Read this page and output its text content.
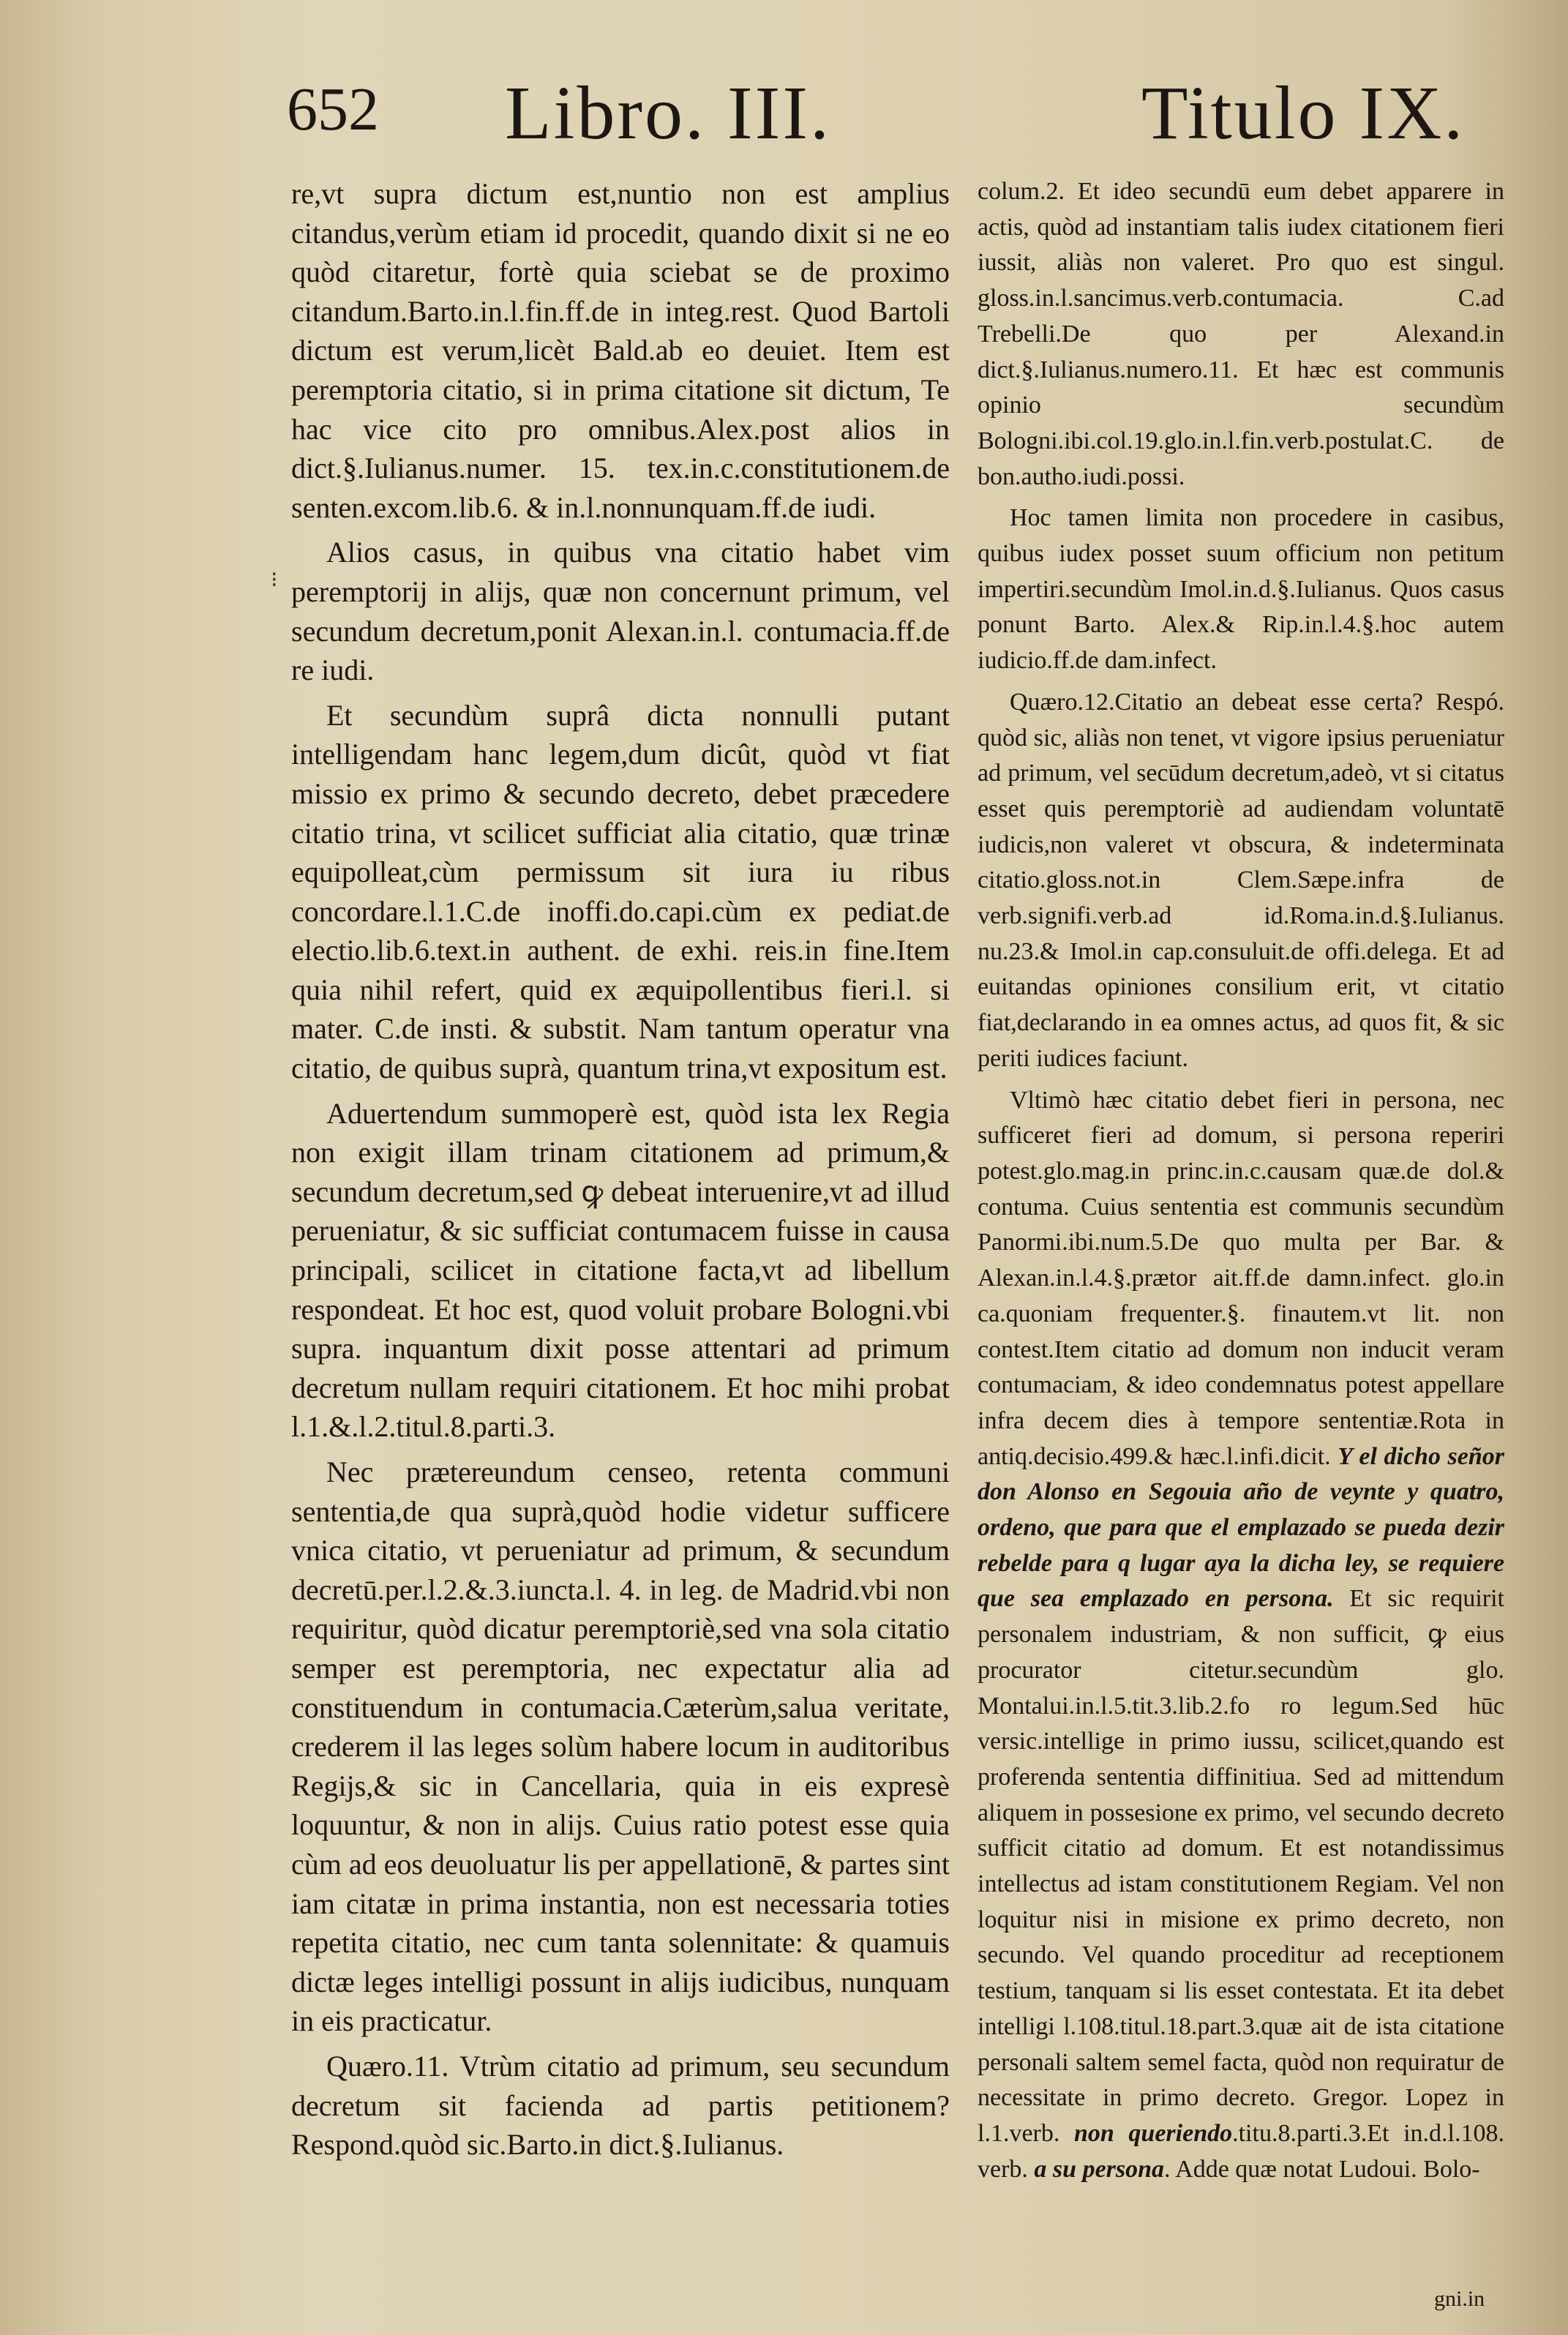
652 Libro. III.	Titulo IX.
⁝

re,vt supra dictum est,nuntio non est amplius citandus,verùm etiam id procedit, quando dixit si ne eo quòd citaretur, fortè quia sciebat se de proximo citandum.Barto.in.l.fin.ff.de in integ.rest. Quod Bartoli dictum est verum,licèt Bald.ab eo deuiet. Item est peremptoria citatio, si in prima citatione sit dictum, Te hac vice cito pro omnibus.Alex.post alios in dict.§.Iulianus.numer. 15. tex.in.c.constitutionem.de senten.excom.lib.6. & in.l.nonnunquam.ff.de iudi.

Alios casus, in quibus vna citatio habet vim peremptorij in alijs, quæ non concernunt primum, vel secundum decretum,ponit Alexan.in.l. contumacia.ff.de re iudi.

Et secundùm suprâ dicta nonnulli putant intelligendam hanc legem,dum dicût, quòd vt fiat missio ex primo & secundo decreto, debet præcedere citatio trina, vt scilicet sufficiat alia citatio, quæ trinæ equipolleat,cùm permissum sit iura iu ribus concordare.l.1.C.de inoffi.do.capi.cùm ex pediat.de electio.lib.6.text.in authent. de exhi. reis.in fine.Item quia nihil refert, quid ex æquipollentibus fieri.l. si mater. C.de insti. & substit. Nam tantum operatur vna citatio, de quibus suprà, quantum trina,vt expositum est.

Aduertendum summoperè est, quòd ista lex Regia non exigit illam trinam citationem ad primum,& secundum decretum,sed ꝙ debeat interuenire,vt ad illud perueniatur, & sic sufficiat contumacem fuisse in causa principali, scilicet in citatione facta,vt ad libellum respondeat. Et hoc est, quod voluit probare Bologni.vbi supra. inquantum dixit posse attentari ad primum decretum nullam requiri citationem. Et hoc mihi probat l.1.&.l.2.titul.8.parti.3.

Nec prætereundum censeo, retenta communi sententia,de qua suprà,quòd hodie videtur sufficere vnica citatio, vt perueniatur ad primum, & secundum decretū.per.l.2.&.3.iuncta.l. 4. in leg. de Madrid.vbi non requiritur, quòd dicatur peremptoriè,sed vna sola citatio semper est peremptoria, nec expectatur alia ad constituendum in contumacia.Cæterùm,salua veritate, crederem il las leges solùm habere locum in auditoribus Regijs,& sic in Cancellaria, quia in eis expresè loquuntur, & non in alijs. Cuius ratio potest esse quia cùm ad eos deuoluatur lis per appellationē, & partes sint iam citatæ in prima instantia, non est necessaria toties repetita citatio, nec cum tanta solennitate: & quamuis dictæ leges intelligi possunt in alijs iudicibus, nunquam in eis practicatur.

Quæro.11. Vtrùm citatio ad primum, seu secundum decretum sit facienda ad partis petitionem?Respond.quòd sic.Barto.in dict.§.Iulianus.

colum.2. Et ideo secundū eum debet apparere in actis, quòd ad instantiam talis iudex citationem fieri iussit, aliàs non valeret. Pro quo est singul. gloss.in.l.sancimus.verb.contumacia. C.ad Trebelli.De quo per Alexand.in dict.§.Iulianus.numero.11. Et hæc est communis opinio secundùm Bologni.ibi.col.19.glo.in.l.fin.verb.postulat.C. de bon.autho.iudi.possi.

Hoc tamen limita non procedere in casibus, quibus iudex posset suum officium non petitum impertiri.secundùm Imol.in.d.§.Iulianus. Quos casus ponunt Barto. Alex.& Rip.in.l.4.§.hoc autem iudicio.ff.de dam.infect.

Quæro.12.Citatio an debeat esse certa? Respó. quòd sic, aliàs non tenet, vt vigore ipsius perueniatur ad primum, vel secūdum decretum,adeò, vt si citatus esset quis peremptoriè ad audiendam voluntatē iudicis,non valeret vt obscura, & indeterminata citatio.gloss.not.in Clem.Sæpe.infra de verb.signifi.verb.ad id.Roma.in.d.§.Iulianus. nu.23.& Imol.in cap.consuluit.de offi.delega. Et ad euitandas opiniones consilium erit, vt citatio fiat,declarando in ea omnes actus, ad quos fit, & sic periti iudices faciunt.

Vltimò hæc citatio debet fieri in persona, nec sufficeret fieri ad domum, si persona reperiri potest.glo.mag.in princ.in.c.causam quæ.de dol.& contuma. Cuius sententia est communis secundùm Panormi.ibi.num.5.De quo multa per Bar. & Alexan.in.l.4.§.prætor ait.ff.de damn.infect. glo.in ca.quoniam frequenter.§. finautem.vt lit. non contest.Item citatio ad domum non inducit veram contumaciam, & ideo condemnatus potest appellare infra decem dies à tempore sententiæ.Rota in antiq.decisio.499.& hæc.l.infi.dicit. Y el dicho señor don Alonso en Segouia año de veynte y quatro, ordeno, que para que el emplazado se pueda dezir rebelde para q lugar aya la dicha ley, se requiere que sea emplazado en persona. Et sic requirit personalem industriam, & non sufficit, ꝙ eius procurator citetur.secundùm glo. Montalui.in.l.5.tit.3.lib.2.fo ro legum.Sed hūc versic.intellige in primo iussu, scilicet,quando est proferenda sententia diffinitiua. Sed ad mittendum aliquem in possesione ex primo, vel secundo decreto sufficit citatio ad domum. Et est notandissimus intellectus ad istam constitutionem Regiam. Vel non loquitur nisi in misione ex primo decreto, non secundo. Vel quando proceditur ad receptionem testium, tanquam si lis esset contestata. Et ita debet intelligi l.108.titul.18.part.3.quæ ait de ista citatione personali saltem semel facta, quòd non requiratur de necessitate in primo decreto. Gregor. Lopez in l.1.verb. non queriendo.titu.8.parti.3.Et in.d.l.108. verb. a su persona. Adde quæ notat Ludoui. Bolo-

gni.in
